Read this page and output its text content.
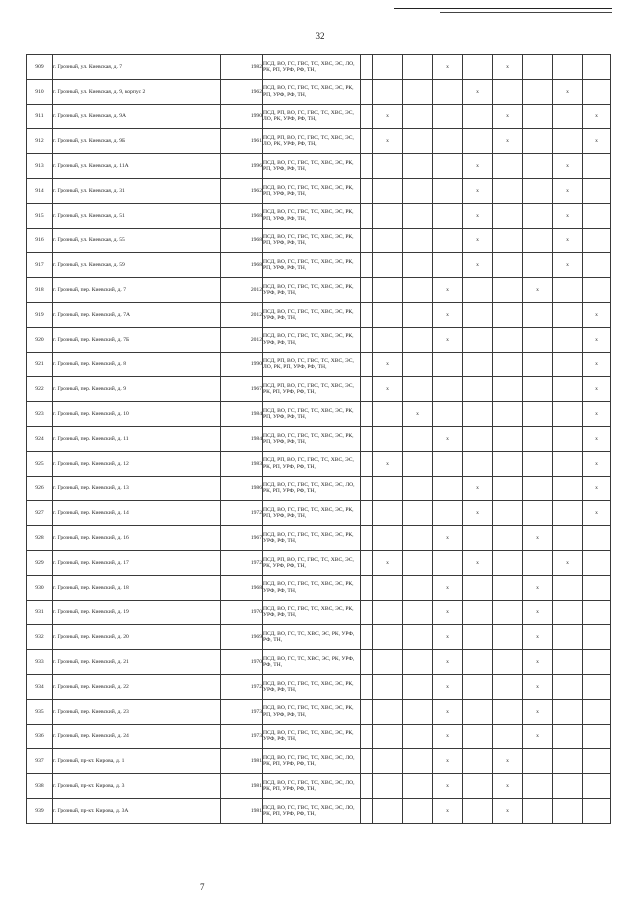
32
909	г. Грозный, ул. Киевская, д. 7	1982	ПСД, ВО, ГС, ГВС, ТС, ХВС, ЭС, ЛО, РК, РП, УРФ, РФ, ТН,				x		x			
910	г. Грозный, ул. Киевская, д. 9, корпус 2	1962	ПСД, ВО, ГС, ГВС, ТС, ХВС, ЭС, РК, РП, УРФ, РФ, ТН,					x			x	
911	г. Грозный, ул. Киевская, д. 9А	1990	ПСД, РП, ВО, ГС, ГВС, ТС, ХВС, ЭС, ЛО, РК, УРФ, РФ, ТН,		x				x			x
912	г. Грозный, ул. Киевская, д. 9Б	1961	ПСД, РП, ВО, ГС, ГВС, ТС, ХВС, ЭС, ЛО, РК, УРФ, РФ, ТН,		x				x			x
913	г. Грозный, ул. Киевская, д. 11А	1996	ПСД, ВО, ГС, ГВС, ТС, ХВС, ЭС, РК, РП, УРФ, РФ, ТН,					x			x	
914	г. Грозный, ул. Киевская, д. 31	1962	ПСД, ВО, ГС, ГВС, ТС, ХВС, ЭС, РК, РП, УРФ, РФ, ТН,					x			x	
915	г. Грозный, ул. Киевская, д. 51	1968	ПСД, ВО, ГС, ГВС, ТС, ХВС, ЭС, РК, РП, УРФ, РФ, ТН,					x			x	
916	г. Грозный, ул. Киевская, д. 55	1968	ПСД, ВО, ГС, ГВС, ТС, ХВС, ЭС, РК, РП, УРФ, РФ, ТН,					x			x	
917	г. Грозный, ул. Киевская, д. 59	1968	ПСД, ВО, ГС, ГВС, ТС, ХВС, ЭС, РК, РП, УРФ, РФ, ТН,					x			x	
918	г. Грозный, пер. Киевский, д. 7	2012	ПСД, ВО, ГС, ГВС, ТС, ХВС, ЭС, РК, УРФ, РФ, ТН,				x			x		
919	г. Грозный, пер. Киевский, д. 7А	2012	ПСД, ВО, ГС, ГВС, ТС, ХВС, ЭС, РК, УРФ, РФ, ТН,				x					x
920	г. Грозный, пер. Киевский, д. 7Б	2012	ПСД, ВО, ГС, ГВС, ТС, ХВС, ЭС, РК, УРФ, РФ, ТН,				x					x
921	г. Грозный, пер. Киевский, д. 8	1990	ПСД, РП, ВО, ГС, ГВС, ТС, ХВС, ЭС, ЛО, РК, РП, УРФ, РФ, ТН,		x							x
922	г. Грозный, пер. Киевский, д. 9	1967	ПСД, РП, ВО, ГС, ГВС, ТС, ХВС, ЭС, РК, РП, УРФ, РФ, ТН,		x							x
923	г. Грозный, пер. Киевский, д. 10	1984	ПСД, ВО, ГС, ГВС, ТС, ХВС, ЭС, РК, РП, УРФ, РФ, ТН,			x						x
924	г. Грозный, пер. Киевский, д. 11	1984	ПСД, ВО, ГС, ГВС, ТС, ХВС, ЭС, РК, РП, УРФ, РФ, ТН,				x					x
925	г. Грозный, пер. Киевский, д. 12	1983	ПСД, РП, ВО, ГС, ГВС, ТС, ХВС, ЭС, РК, РП, УРФ, РФ, ТН,		x							x
926	г. Грозный, пер. Киевский, д. 13	1986	ПСД, ВО, ГС, ГВС, ТС, ХВС, ЭС, ЛО, РК, РП, УРФ, РФ, ТН,					x				x
927	г. Грозный, пер. Киевский, д. 14	1972	ПСД, ВО, ГС, ГВС, ТС, ХВС, ЭС, РК, РП, УРФ, РФ, ТН,					x				x
928	г. Грозный, пер. Киевский, д. 16	1967	ПСД, ВО, ГС, ГВС, ТС, ХВС, ЭС, РК, УРФ, РФ, ТН,				x			x		
929	г. Грозный, пер. Киевский, д. 17	1972	ПСД, РП, ВО, ГС, ГВС, ТС, ХВС, ЭС, РК, УРФ, РФ, ТН,		x			x			x	
930	г. Грозный, пер. Киевский, д. 18	1968	ПСД, ВО, ГС, ГВС, ТС, ХВС, ЭС, РК, УРФ, РФ, ТН,				x			x		
931	г. Грозный, пер. Киевский, д. 19	1970	ПСД, ВО, ГС, ГВС, ТС, ХВС, ЭС, РК, УРФ, РФ, ТН,				x			x		
932	г. Грозный, пер. Киевский, д. 20	1969	ПСД, ВО, ГС, ТС, ХВС, ЭС, РК, УРФ, РФ, ТН,				x			x		
933	г. Грозный, пер. Киевский, д. 21	1970	ПСД, ВО, ГС, ТС, ХВС, ЭС, РК, УРФ, РФ, ТН,				x			x		
934	г. Грозный, пер. Киевский, д. 22	1972	ПСД, ВО, ГС, ГВС, ТС, ХВС, ЭС, РК, УРФ, РФ, ТН,				x			x		
935	г. Грозный, пер. Киевский, д. 23	1973	ПСД, ВО, ГС, ГВС, ТС, ХВС, ЭС, РК, РП, УРФ, РФ, ТН,				x			x		
936	г. Грозный, пер. Киевский, д. 24	1973	ПСД, ВО, ГС, ГВС, ТС, ХВС, ЭС, РК, УРФ, РФ, ТН,				x			x		
937	г. Грозный, пр-кт. Кирова, д. 1	1981	ПСД, ВО, ГС, ГВС, ТС, ХВС, ЭС, ЛО, РК, РП, УРФ, РФ, ТН,				x		x			
938	г. Грозный, пр-кт. Кирова, д. 3	1981	ПСД, ВО, ГС, ГВС, ТС, ХВС, ЭС, ЛО, РК, РП, УРФ, РФ, ТН,				x		x			
939	г. Грозный, пр-кт. Кирова, д. 3А	1981	ПСД, ВО, ГС, ГВС, ТС, ХВС, ЭС, ЛО, РК, РП, УРФ, РФ, ТН,				x		x			
7
